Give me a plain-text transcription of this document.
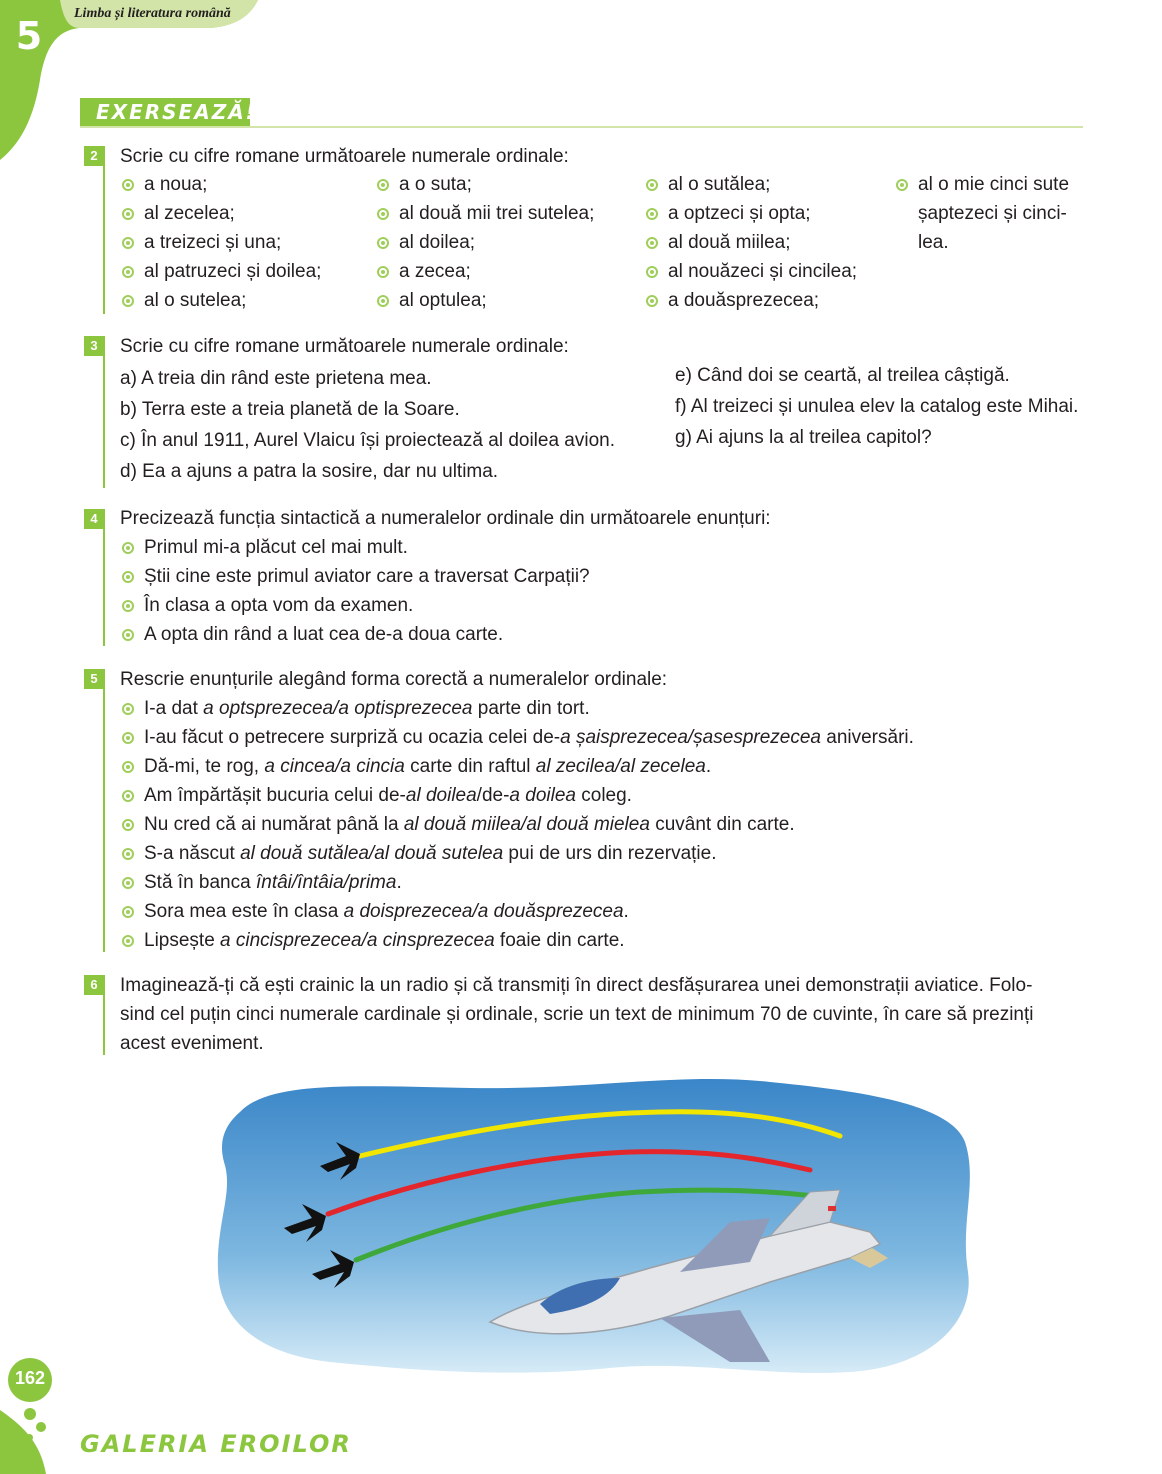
5
Limba și literatura română
EXERSEAZĂ!
2	Scrie cu cifre romane următoarele numerale ordinale:
a noua;
al zecelea;
a treizeci și una;
al patruzeci și doilea;
al o sutelea;
a o suta;
al două mii trei sutelea;
al doilea;
a zecea;
al optulea;
al o sutălea;
a optzeci și opta;
al două miilea;
al nouăzeci și cincilea;
a douăsprezecea;
al o mie cinci sute
șaptezeci și cinci-
lea.
3	Scrie cu cifre romane următoarele numerale ordinale:
a) A treia din rând este prietena mea.
b) Terra este a treia planetă de la Soare.
c) În anul 1911, Aurel Vlaicu își proiectează al doilea avion.
d) Ea a ajuns a patra la sosire, dar nu ultima.
e) Când doi se ceartă, al treilea câștigă.
f) Al treizeci și unulea elev la catalog este Mihai.
g) Ai ajuns la al treilea capitol?
4	Precizează funcția sintactică a numeralelor ordinale din următoarele enunțuri:
Primul mi-a plăcut cel mai mult.
Știi cine este primul aviator care a traversat Carpații?
În clasa a opta vom da examen.
A opta din rând a luat cea de-a doua carte.
5	Rescrie enunțurile alegând forma corectă a numeralelor ordinale:
I-a dat a optsprezecea/a optisprezecea parte din tort.
I-au făcut o petrecere surpriză cu ocazia celei de-a șaisprezecea/șasesprezecea aniversări.
Dă-mi, te rog, a cincea/a cincia carte din raftul al zecilea/al zecelea.
Am împărtășit bucuria celui de-al doilea/de-a doilea coleg.
Nu cred că ai numărat până la al două miilea/al două mielea cuvânt din carte.
S-a născut al două sutălea/al două sutelea pui de urs din rezervație.
Stă în banca întâi/întâia/prima.
Sora mea este în clasa a doisprezecea/a douăsprezecea.
Lipsește a cincisprezecea/a cinsprezecea foaie din carte.
6	Imaginează-ți că ești crainic la un radio și că transmiți în direct desfășurarea unei demonstrații aviatice. Folo-
sind cel puțin cinci numerale cardinale și ordinale, scrie un text de minimum 70 de cuvinte, în care să prezinți
acest eveniment.
162
GALERIA EROILOR
